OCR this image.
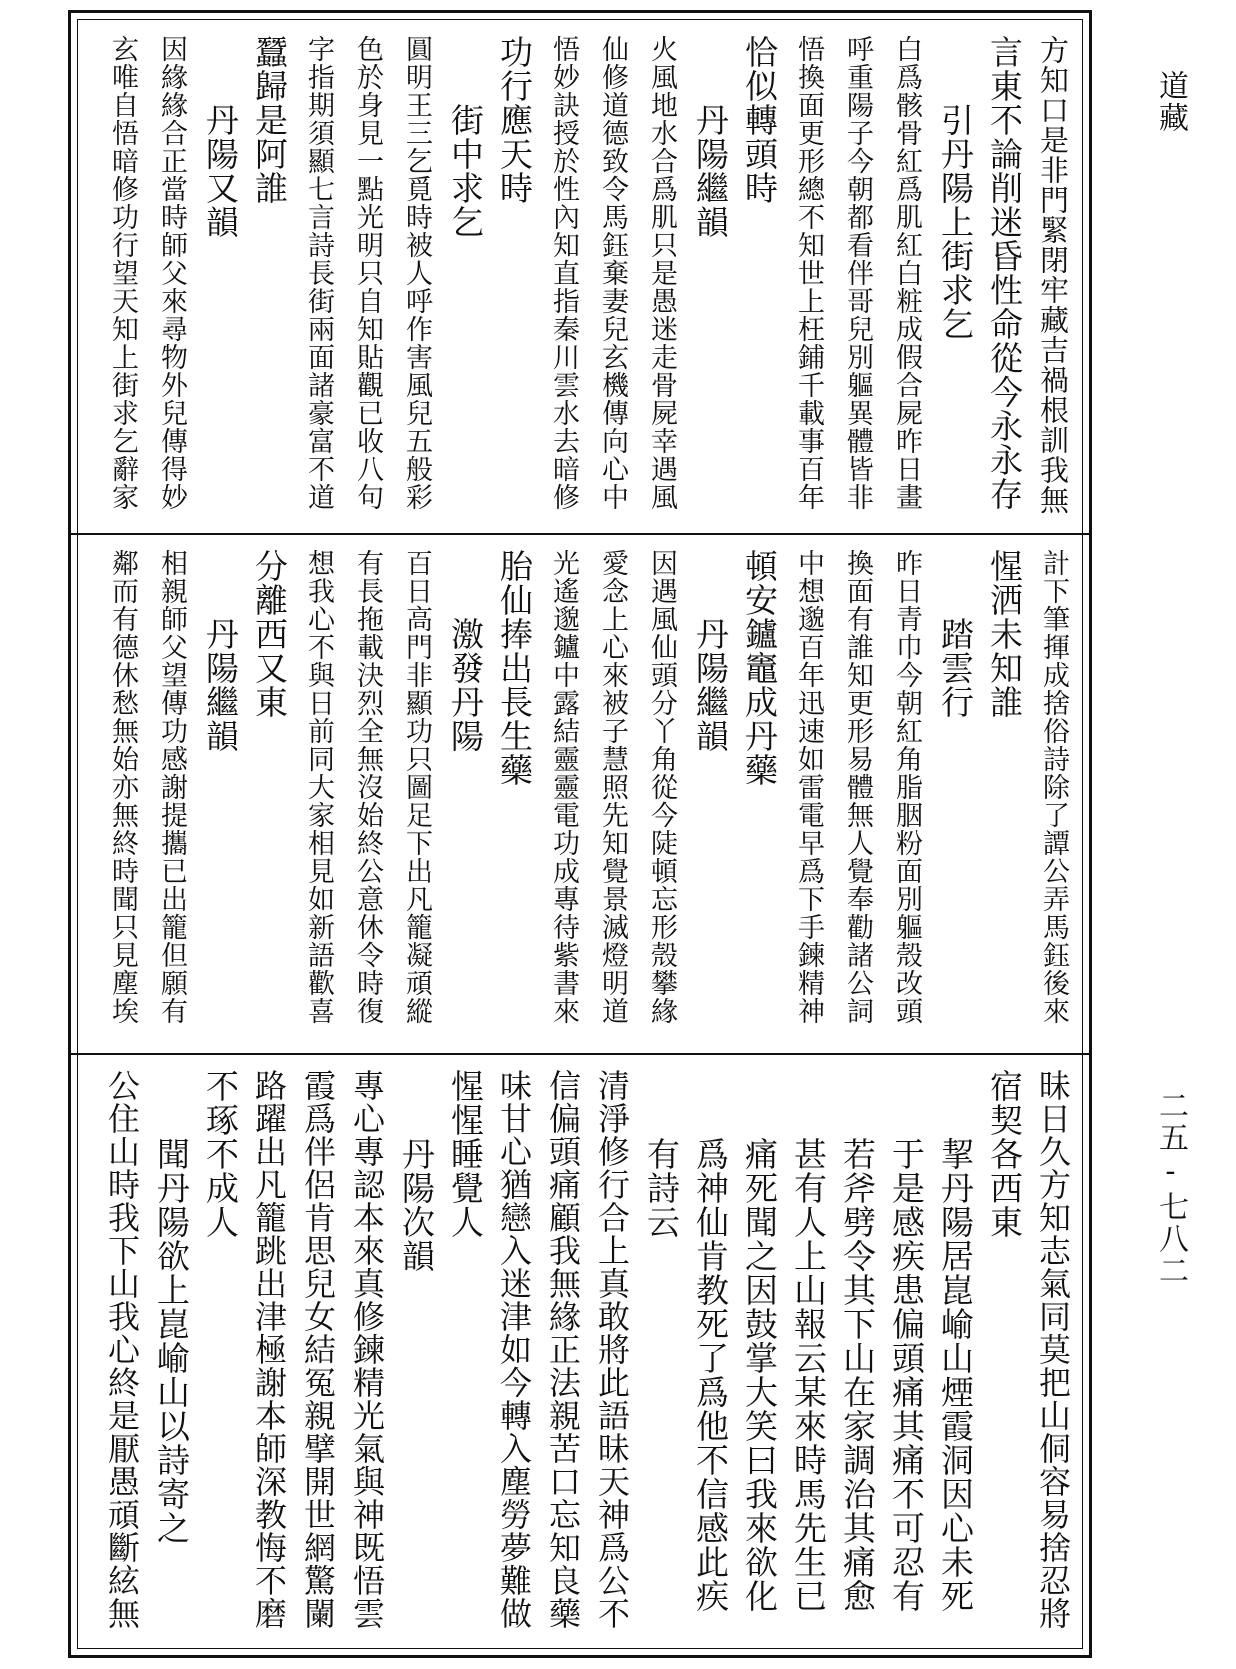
道藏
二五-七八二
方知口是非門緊閉牢藏吉禍根訓我無
言東不論削迷昏性命從今永永存
　　引丹陽上街求乞
白爲骸骨紅爲肌紅白粧成假合屍昨日畫
呼重陽子今朝都看伴哥兒別軀異體皆非
悟換面更形總不知世上枉鋪千載事百年
恰似轉頭時
　　丹陽繼韻
火風地水合爲肌只是愚迷走骨屍幸遇風
仙修道德致令馬鈺棄妻兒玄機傳向心中
悟妙訣授於性內知直指秦川雲水去暗修
功行應天時
　　街中求乞
圓明王三乞覓時被人呼作害風兒五般彩
色於身見一點光明只自知貼觀已收八句
字指期須顯七言詩長街兩面諸豪富不道
蠶歸是阿誰
　　丹陽又韻
因緣緣合正當時師父來尋物外兒傳得妙
玄唯自悟暗修功行望天知上街求乞辭家
計下筆揮成捨俗詩除了譚公弄馬鈺後來
惺洒未知誰
　　踏雲行
昨日青巾今朝紅角脂胭粉面別軀殼改頭
換面有誰知更形易體無人覺奉勸諸公詞
中想邈百年迅速如雷電早爲下手鍊精神
頓安鑪竈成丹藥
　　丹陽繼韻
因遇風仙頭分丫角從今陡頓忘形殼攀緣
愛念上心來被子慧照先知覺景滅燈明道
光遙邈鑪中露結靈靈電功成專待紫書來
胎仙捧出長生藥
　　激發丹陽
百日高門非顯功只圖足下出凡籠凝頑縱
有長拖載決烈全無沒始終公意休令時復
想我心不與日前同大家相見如新語歡喜
分離西又東
　　丹陽繼韻
相親師父望傳功感謝提攜已出籠但願有
鄰而有德休愁無始亦無終時聞只見塵埃
昧日久方知志氣同莫把山侗容易捨忍將
宿契各西東
　　挈丹陽居崑崳山煙霞洞因心未死
　　于是感疾患偏頭痛其痛不可忍有
　　若斧劈令其下山在家調治其痛愈
　　甚有人上山報云某來時馬先生已
　　痛死聞之因鼓掌大笑曰我來欲化
　　爲神仙肯教死了爲他不信感此疾
　　有詩云
清淨修行合上真敢將此語昧天神爲公不
信偏頭痛顧我無緣正法親苦口忘知良藥
味甘心猶戀入迷津如今轉入塵勞夢難做
惺惺睡覺人
　　丹陽次韻
專心專認本來真修鍊精光氣與神既悟雲
霞爲伴侶肯思兒女結冤親擘開世網驚闌
路躍出凡籠跳出津極謝本師深教悔不磨
不琢不成人
　　聞丹陽欲上崑崳山以詩寄之
公住山時我下山我心終是厭愚頑斷絃無
